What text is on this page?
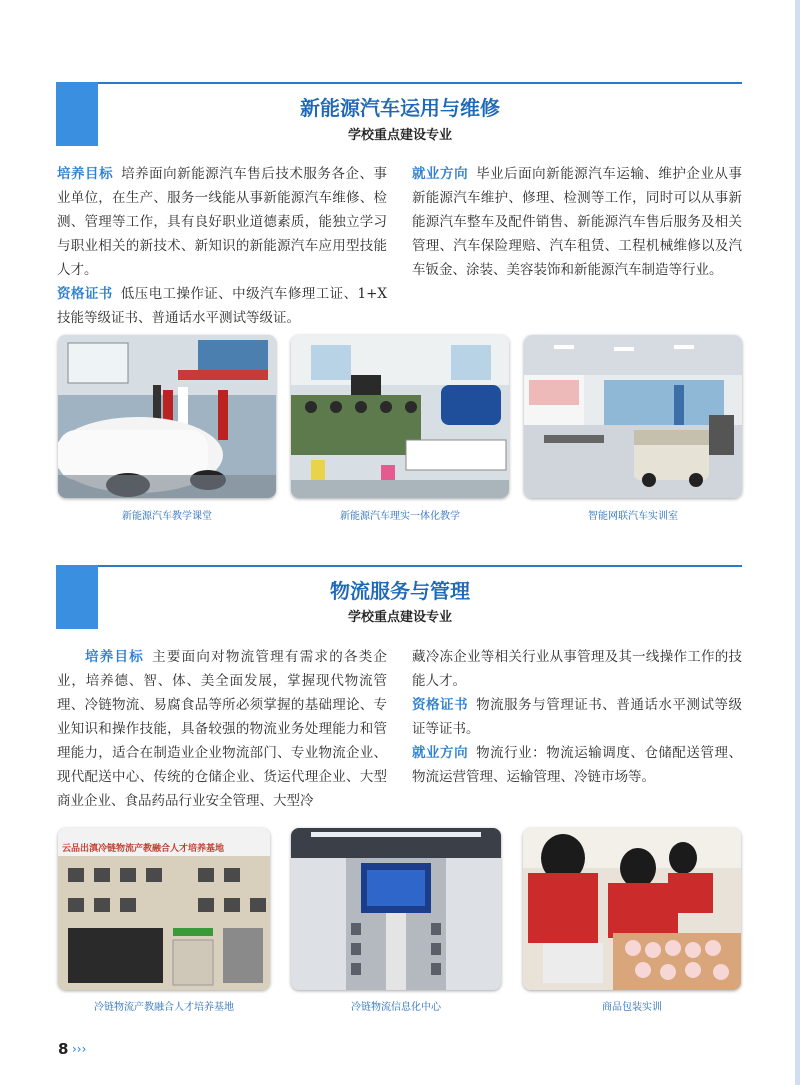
新能源汽车运用与维修
学校重点建设专业
培养目标 培养面向新能源汽车售后技术服务各企、事业单位，在生产、服务一线能从事新能源汽车维修、检测、管理等工作，具有良好职业道德素质，能独立学习与职业相关的新技术、新知识的新能源汽车应用型技能人才。
资格证书 低压电工操作证、中级汽车修理工证、1+X技能等级证书、普通话水平测试等级证。
就业方向 毕业后面向新能源汽车运输、维护企业从事新能源汽车维护、修理、检测等工作，同时可以从事新能源汽车整车及配件销售、新能源汽车售后服务及相关管理、汽车保险理赔、汽车租赁、工程机械维修以及汽车钣金、涂装、美容装饰和新能源汽车制造等行业。
新能源汽车教学课堂	新能源汽车理实一体化教学	智能网联汽车实训室
物流服务与管理
学校重点建设专业
培养目标 主要面向对物流管理有需求的各类企业，培养德、智、体、美全面发展，掌握现代物流管理、冷链物流、易腐食品等所必须掌握的基础理论、专业知识和操作技能，具备较强的物流业务处理能力和管理能力，适合在制造业企业物流部门、专业物流企业、现代配送中心、传统的仓储企业、货运代理企业、大型商业企业、食品药品行业安全管理、大型冷
藏冷冻企业等相关行业从事管理及其一线操作工作的技能人才。
资格证书 物流服务与管理证书、普通话水平测试等级证等证书。
就业方向 物流行业：物流运输调度、仓储配送管理、物流运营管理、运输管理、冷链市场等。
云品出滇冷链物流产教融合人才培养基地
冷链物流产教融合人才培养基地	冷链物流信息化中心	商品包装实训
8 ›››
